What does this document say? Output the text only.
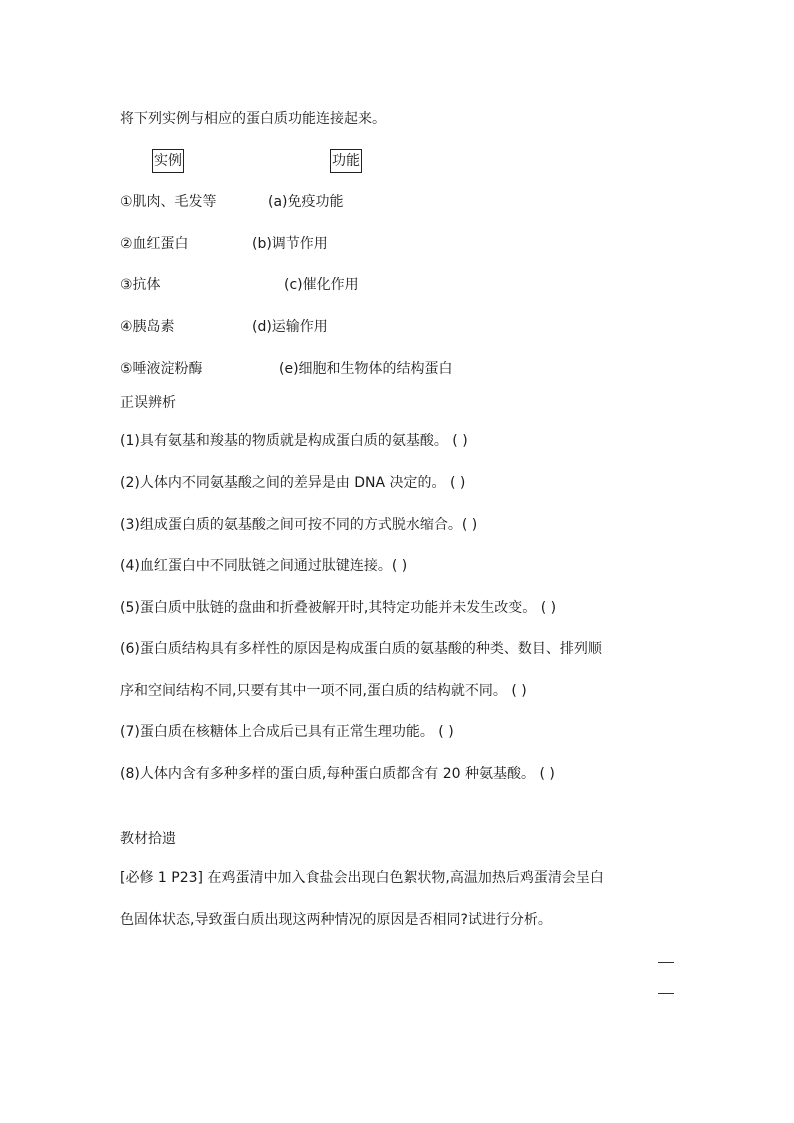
将下列实例与相应的蛋白质功能连接起来。
实例	功能
①肌肉、毛发等	(a)免疫功能
②血红蛋白	(b)调节作用
③抗体	(c)催化作用
④胰岛素	(d)运输作用
⑤唾液淀粉酶	(e)细胞和生物体的结构蛋白
正误辨析
(1)具有氨基和羧基的物质就是构成蛋白质的氨基酸。 ( )
(2)人体内不同氨基酸之间的差异是由 DNA 决定的。 ( )
(3)组成蛋白质的氨基酸之间可按不同的方式脱水缩合。( )
(4)血红蛋白中不同肽链之间通过肽键连接。( )
(5)蛋白质中肽链的盘曲和折叠被解开时,其特定功能并未发生改变。 ( )
(6)蛋白质结构具有多样性的原因是构成蛋白质的氨基酸的种类、数目、排列顺
序和空间结构不同,只要有其中一项不同,蛋白质的结构就不同。 ( )
(7)蛋白质在核糖体上合成后已具有正常生理功能。 ( )
(8)人体内含有多种多样的蛋白质,每种蛋白质都含有 20 种氨基酸。 ( )
教材拾遗
[必修 1 P23] 在鸡蛋清中加入食盐会出现白色絮状物,高温加热后鸡蛋清会呈白
色固体状态,导致蛋白质出现这两种情况的原因是否相同?试进行分析。
